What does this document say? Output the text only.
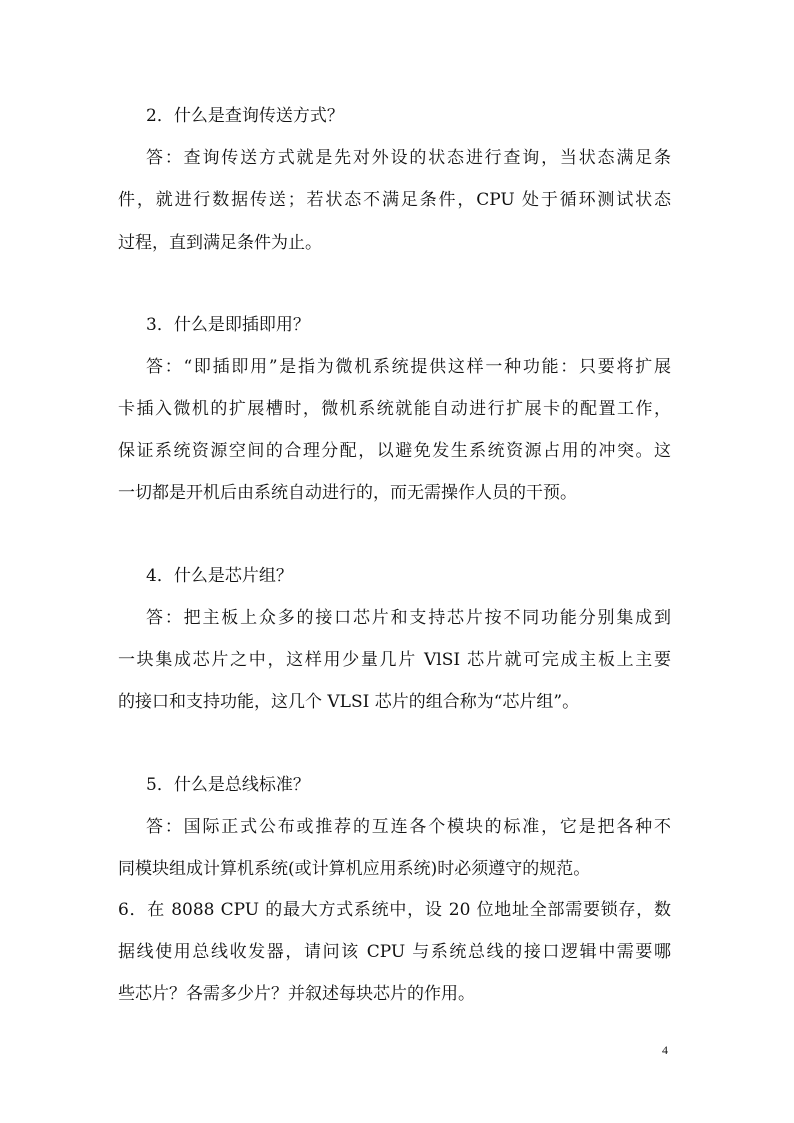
2．什么是查询传送方式？
答：查询传送方式就是先对外设的状态进行查询，当状态满足条
件，就进行数据传送；若状态不满足条件，CPU 处于循环测试状态
过程，直到满足条件为止。
3．什么是即插即用？
答：“即插即用”是指为微机系统提供这样一种功能：只要将扩展
卡插入微机的扩展槽时，微机系统就能自动进行扩展卡的配置工作，
保证系统资源空间的合理分配，以避免发生系统资源占用的冲突。这
一切都是开机后由系统自动进行的，而无需操作人员的干预。
4．什么是芯片组？
答：把主板上众多的接口芯片和支持芯片按不同功能分别集成到
一块集成芯片之中，这样用少量几片 VlSI 芯片就可完成主板上主要
的接口和支持功能，这几个 VLSI 芯片的组合称为“芯片组”。
5．什么是总线标准？
答：国际正式公布或推荐的互连各个模块的标准，它是把各种不
同模块组成计算机系统(或计算机应用系统)时必须遵守的规范。
6．在 8088 CPU 的最大方式系统中，设 20 位地址全部需要锁存，数
据线使用总线收发器，请问该 CPU 与系统总线的接口逻辑中需要哪
些芯片？各需多少片？并叙述每块芯片的作用。
4
